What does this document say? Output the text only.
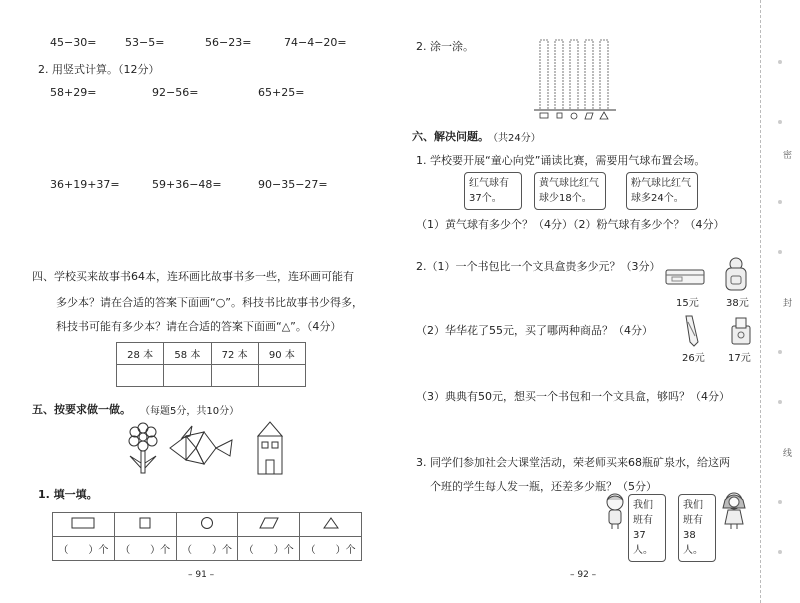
45−30=	53−5=	56−23=	74−4−20=
2. 用竖式计算。（12分）
58+29=	92−56=	65+25=
36+19+37=	59+36−48=	90−35−27=
四、学校买来故事书64本，连环画比故事书多一些，连环画可能有
多少本？请在合适的答案下面画“○”。科技书比故事书少得多，
科技书可能有多少本？请在合适的答案下面画“△”。（4分）
28 本	58 本	72 本	90 本

五、按要求做一做。 （每题5分，共10分）
1. 填一填。

（　　）个	（　　）个	（　　）个	（　　）个	（　　）个
– 91 –
2. 涂一涂。
六、解决问题。 （共24分）
1. 学校要开展“童心向党”诵读比赛，需要用气球布置会场。
红气球有37个。
黄气球比红气球少18个。
粉气球比红气球多24个。
（1）黄气球有多少个？（4分）（2）粉气球有多少个？（4分）
2.（1）一个书包比一个文具盒贵多少元？（3分）
15元	38元
（2）华华花了55元，买了哪两种商品？（4分）
26元 17元
（3）典典有50元，想买一个书包和一个文具盒，够吗？（4分）
3. 同学们参加社会大课堂活动，荣老师买来68瓶矿泉水，给这两
个班的学生每人发一瓶，还差多少瓶？（5分）
我们班有37人。
我们班有38人。
– 92 –
密
封
线
